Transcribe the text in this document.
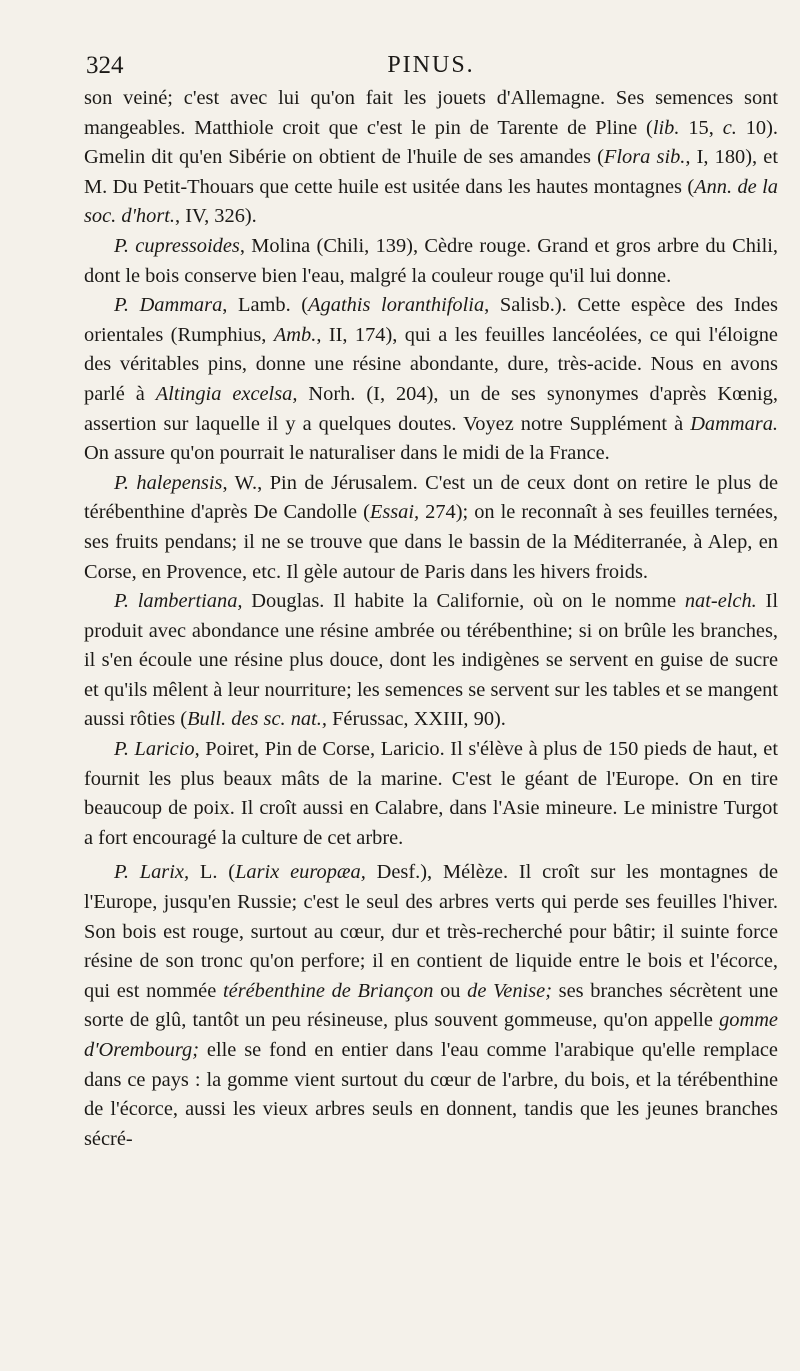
324	PINUS.

son veiné; c'est avec lui qu'on fait les jouets d'Allemagne. Ses semences sont mangeables. Matthiole croit que c'est le pin de Tarente de Pline (lib. 15, c. 10). Gmelin dit qu'en Sibérie on obtient de l'huile de ses amandes (Flora sib., I, 180), et M. Du Petit-Thouars que cette huile est usitée dans les hautes montagnes (Ann. de la soc. d'hort., IV, 326).

P. cupressoides, Molina (Chili, 139), Cèdre rouge. Grand et gros arbre du Chili, dont le bois conserve bien l'eau, malgré la couleur rouge qu'il lui donne.

P. Dammara, Lamb. (Agathis loranthifolia, Salisb.). Cette espèce des Indes orientales (Rumphius, Amb., II, 174), qui a les feuilles lancéolées, ce qui l'éloigne des véritables pins, donne une résine abondante, dure, très-acide. Nous en avons parlé à Altingia excelsa, Norh. (I, 204), un de ses synonymes d'après Kœnig, assertion sur laquelle il y a quelques doutes. Voyez notre Supplément à Dammara. On assure qu'on pourrait le naturaliser dans le midi de la France.

P. halepensis, W., Pin de Jérusalem. C'est un de ceux dont on retire le plus de térébenthine d'après De Candolle (Essai, 274); on le reconnaît à ses feuilles ternées, ses fruits pendans; il ne se trouve que dans le bassin de la Méditerranée, à Alep, en Corse, en Provence, etc. Il gèle autour de Paris dans les hivers froids.

P. lambertiana, Douglas. Il habite la Californie, où on le nomme nat-elch. Il produit avec abondance une résine ambrée ou térébenthine; si on brûle les branches, il s'en écoule une résine plus douce, dont les indigènes se servent en guise de sucre et qu'ils mêlent à leur nourriture; les semences se servent sur les tables et se mangent aussi rôties (Bull. des sc. nat., Férussac, XXIII, 90).

P. Laricio, Poiret, Pin de Corse, Laricio. Il s'élève à plus de 150 pieds de haut, et fournit les plus beaux mâts de la marine. C'est le géant de l'Europe. On en tire beaucoup de poix. Il croît aussi en Calabre, dans l'Asie mineure. Le ministre Turgot a fort encouragé la culture de cet arbre.

P. Larix, L. (Larix europæa, Desf.), Mélèze. Il croît sur les montagnes de l'Europe, jusqu'en Russie; c'est le seul des arbres verts qui perde ses feuilles l'hiver. Son bois est rouge, surtout au cœur, dur et très-recherché pour bâtir; il suinte force résine de son tronc qu'on perfore; il en contient de liquide entre le bois et l'écorce, qui est nommée térébenthine de Briançon ou de Venise; ses branches sécrètent une sorte de glû, tantôt un peu résineuse, plus souvent gommeuse, qu'on appelle gomme d'Orembourg; elle se fond en entier dans l'eau comme l'arabique qu'elle remplace dans ce pays : la gomme vient surtout du cœur de l'arbre, du bois, et la térébenthine de l'écorce, aussi les vieux arbres seuls en donnent, tandis que les jeunes branches sécré-
